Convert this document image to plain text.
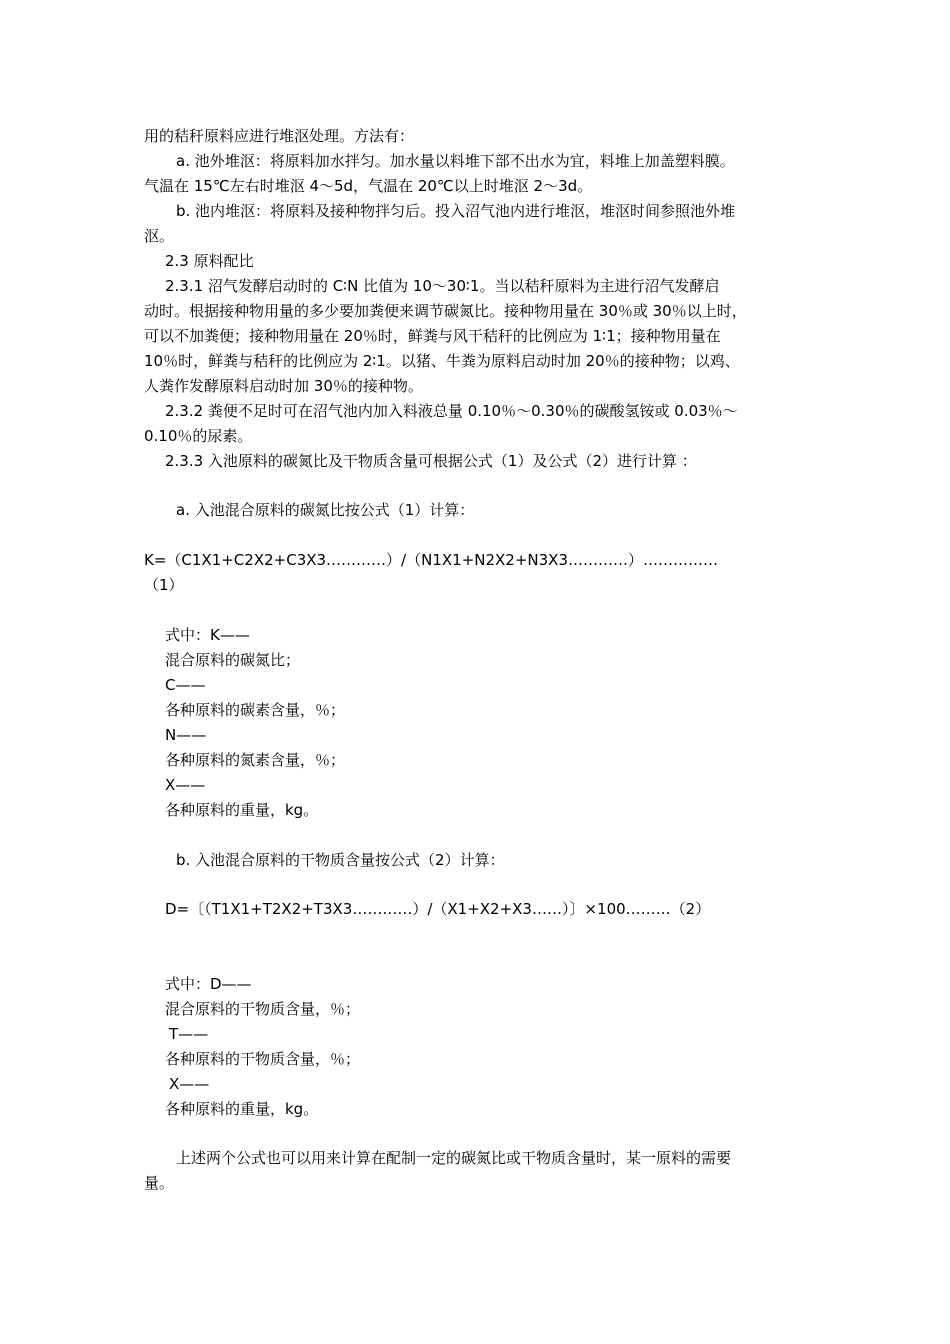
用的秸秆原料应进行堆沤处理。方法有：
a. 池外堆沤：将原料加水拌匀。加水量以料堆下部不出水为宜，料堆上加盖塑料膜。
气温在 15℃左右时堆沤 4～5d，气温在 20℃以上时堆沤 2～3d。
b. 池内堆沤：将原料及接种物拌匀后。投入沼气池内进行堆沤，堆沤时间参照池外堆
沤。
2.3 原料配比
2.3.1 沼气发酵启动时的 C∶N 比值为 10～30∶1。当以秸秆原料为主进行沼气发酵启
动时。根据接种物用量的多少要加粪便来调节碳氮比。接种物用量在 30％或 30％以上时，
可以不加粪便；接种物用量在 20％时，鲜粪与风干秸秆的比例应为 1∶1；接种物用量在
10％时，鲜粪与秸秆的比例应为 2∶1。以猪、牛粪为原料启动时加 20％的接种物；以鸡、
人粪作发酵原料启动时加 30％的接种物。
2.3.2 粪便不足时可在沼气池内加入料液总量 0.10％～0.30％的碳酸氢铵或 0.03％～
0.10％的尿素。
2.3.3 入池原料的碳氮比及干物质含量可根据公式（1）及公式（2）进行计算 ：
a. 入池混合原料的碳氮比按公式（1）计算：
K=（C1X1+C2X2+C3X3…………）/（N1X1+N2X2+N3X3…………）……………
（1）
式中：K——
混合原料的碳氮比；
C——
各种原料的碳素含量，％；
N——
各种原料的氮素含量，％；
X——
各种原料的重量，kg。
b. 入池混合原料的干物质含量按公式（2）计算：
D=〔（T1X1+T2X2+T3X3…………）/（X1+X2+X3……）〕×100………（2）
式中：D——
混合原料的干物质含量，％；
T——
各种原料的干物质含量，％；
X——
各种原料的重量，kg。
上述两个公式也可以用来计算在配制一定的碳氮比或干物质含量时，某一原料的需要
量。
